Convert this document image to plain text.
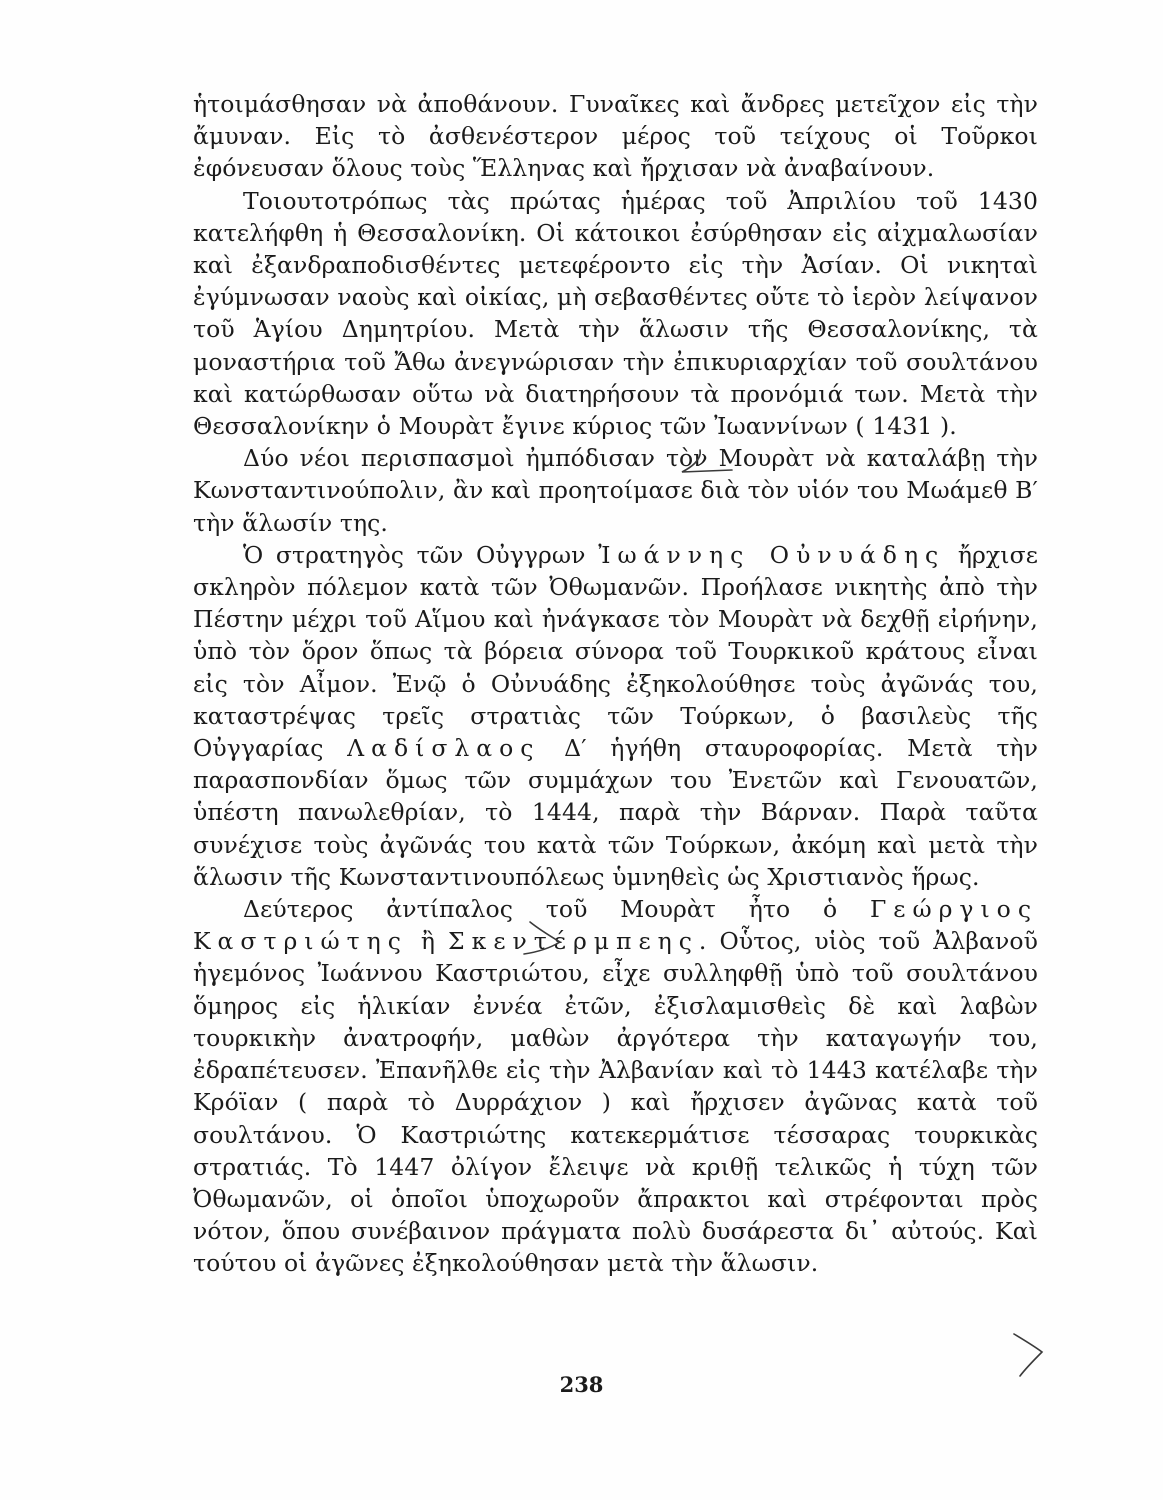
ἡτοιμάσθησαν νὰ ἀποθάνουν. Γυναῖκες καὶ ἄνδρες μετεῖχον εἰς τὴν ἄμυναν. Εἰς τὸ ἀσθενέστερον μέρος τοῦ τείχους οἱ Τοῦρκοι ἐφόνευσαν ὅλους τοὺς Ἕλληνας καὶ ἤρχισαν νὰ ἀναβαίνουν.

Τοιουτοτρόπως τὰς πρώτας ἡμέρας τοῦ Ἀπριλίου τοῦ 1430 κατελήφθη ἡ Θεσσαλονίκη. Οἱ κάτοικοι ἐσύρθησαν εἰς αἰχμαλωσίαν καὶ ἐξανδραποδισθέντες μετεφέροντο εἰς τὴν Ἀσίαν. Οἱ νικηταὶ ἐγύμνωσαν ναοὺς καὶ οἰκίας, μὴ σεβασθέντες οὔτε τὸ ἱερὸν λείψανον τοῦ Ἁγίου Δημητρίου. Μετὰ τὴν ἅλωσιν τῆς Θεσσαλονίκης, τὰ μοναστήρια τοῦ Ἄθω ἀνεγνώρισαν τὴν ἐπικυριαρχίαν τοῦ σουλτάνου καὶ κατώρθωσαν οὕτω νὰ διατηρήσουν τὰ προνόμιά των. Μετὰ τὴν Θεσσαλονίκην ὁ Μουρὰτ ἔγινε κύριος τῶν Ἰωαννίνων ( 1431 ).

Δύο νέοι περισπασμοὶ ἠμπόδισαν τὸν Μουρὰτ νὰ καταλάβῃ τὴν Κωνσταντινούπολιν, ἂν καὶ προητοίμασε διὰ τὸν υἱόν του Μωάμεθ Β′ τὴν ἅλωσίν της.

Ὁ στρατηγὸς τῶν Οὐγγρων Ἰωάννης Οὐνυάδης ἤρχισε σκληρὸν πόλεμον κατὰ τῶν Ὀθωμανῶν. Προήλασε νικητὴς ἀπὸ τὴν Πέστην μέχρι τοῦ Αἵμου καὶ ἠνάγκασε τὸν Μουρὰτ νὰ δεχθῇ εἰρήνην, ὑπὸ τὸν ὅρον ὅπως τὰ βόρεια σύνορα τοῦ Τουρκικοῦ κράτους εἶναι εἰς τὸν Αἶμον. Ἐνῷ ὁ Οὐνυάδης ἐξηκολούθησε τοὺς ἀγῶνάς του, καταστρέψας τρεῖς στρατιὰς τῶν Τούρκων, ὁ βασιλεὺς τῆς Οὐγγαρίας Λαδίσλαος Δ′ ἡγήθη σταυροφορίας. Μετὰ τὴν παρασπονδίαν ὅμως τῶν συμμάχων του Ἐνετῶν καὶ Γενουατῶν, ὑπέστη πανωλεθρίαν, τὸ 1444, παρὰ τὴν Βάρναν. Παρὰ ταῦτα συνέχισε τοὺς ἀγῶνάς του κατὰ τῶν Τούρκων, ἀκόμη καὶ μετὰ τὴν ἅλωσιν τῆς Κωνσταντινουπόλεως ὑμνηθεὶς ὡς Χριστιανὸς ἥρως.

Δεύτερος ἀντίπαλος τοῦ Μουρὰτ ἦτο ὁ Γεώργιος Καστριώτης ἢ Σκεντέρμπεης. Οὗτος, υἱὸς τοῦ Ἀλβανοῦ ἡγεμόνος Ἰωάννου Καστριώτου, εἶχε συλληφθῇ ὑπὸ τοῦ σουλτάνου ὅμηρος εἰς ἡλικίαν ἐννέα ἐτῶν, ἐξισλαμισθεὶς δὲ καὶ λαβὼν τουρκικὴν ἀνατροφήν, μαθὼν ἀργότερα τὴν καταγωγήν του, ἐδραπέτευσεν. Ἐπανῆλθε εἰς τὴν Ἀλβανίαν καὶ τὸ 1443 κατέλαβε τὴν Κρόϊαν ( παρὰ τὸ Δυρράχιον ) καὶ ἤρχισεν ἀγῶνας κατὰ τοῦ σουλτάνου. Ὁ Καστριώτης κατεκερμάτισε τέσσαρας τουρκικὰς στρατιάς. Τὸ 1447 ὀλίγον ἔλειψε νὰ κριθῇ τελικῶς ἡ τύχη τῶν Ὀθωμανῶν, οἱ ὁποῖοι ὑποχωροῦν ἄπρακτοι καὶ στρέφονται πρὸς νότον, ὅπου συνέβαινον πράγματα πολὺ δυσάρεστα δι᾽ αὐτούς. Καὶ τούτου οἱ ἀγῶνες ἐξηκολούθησαν μετὰ τὴν ἅλωσιν.

238
